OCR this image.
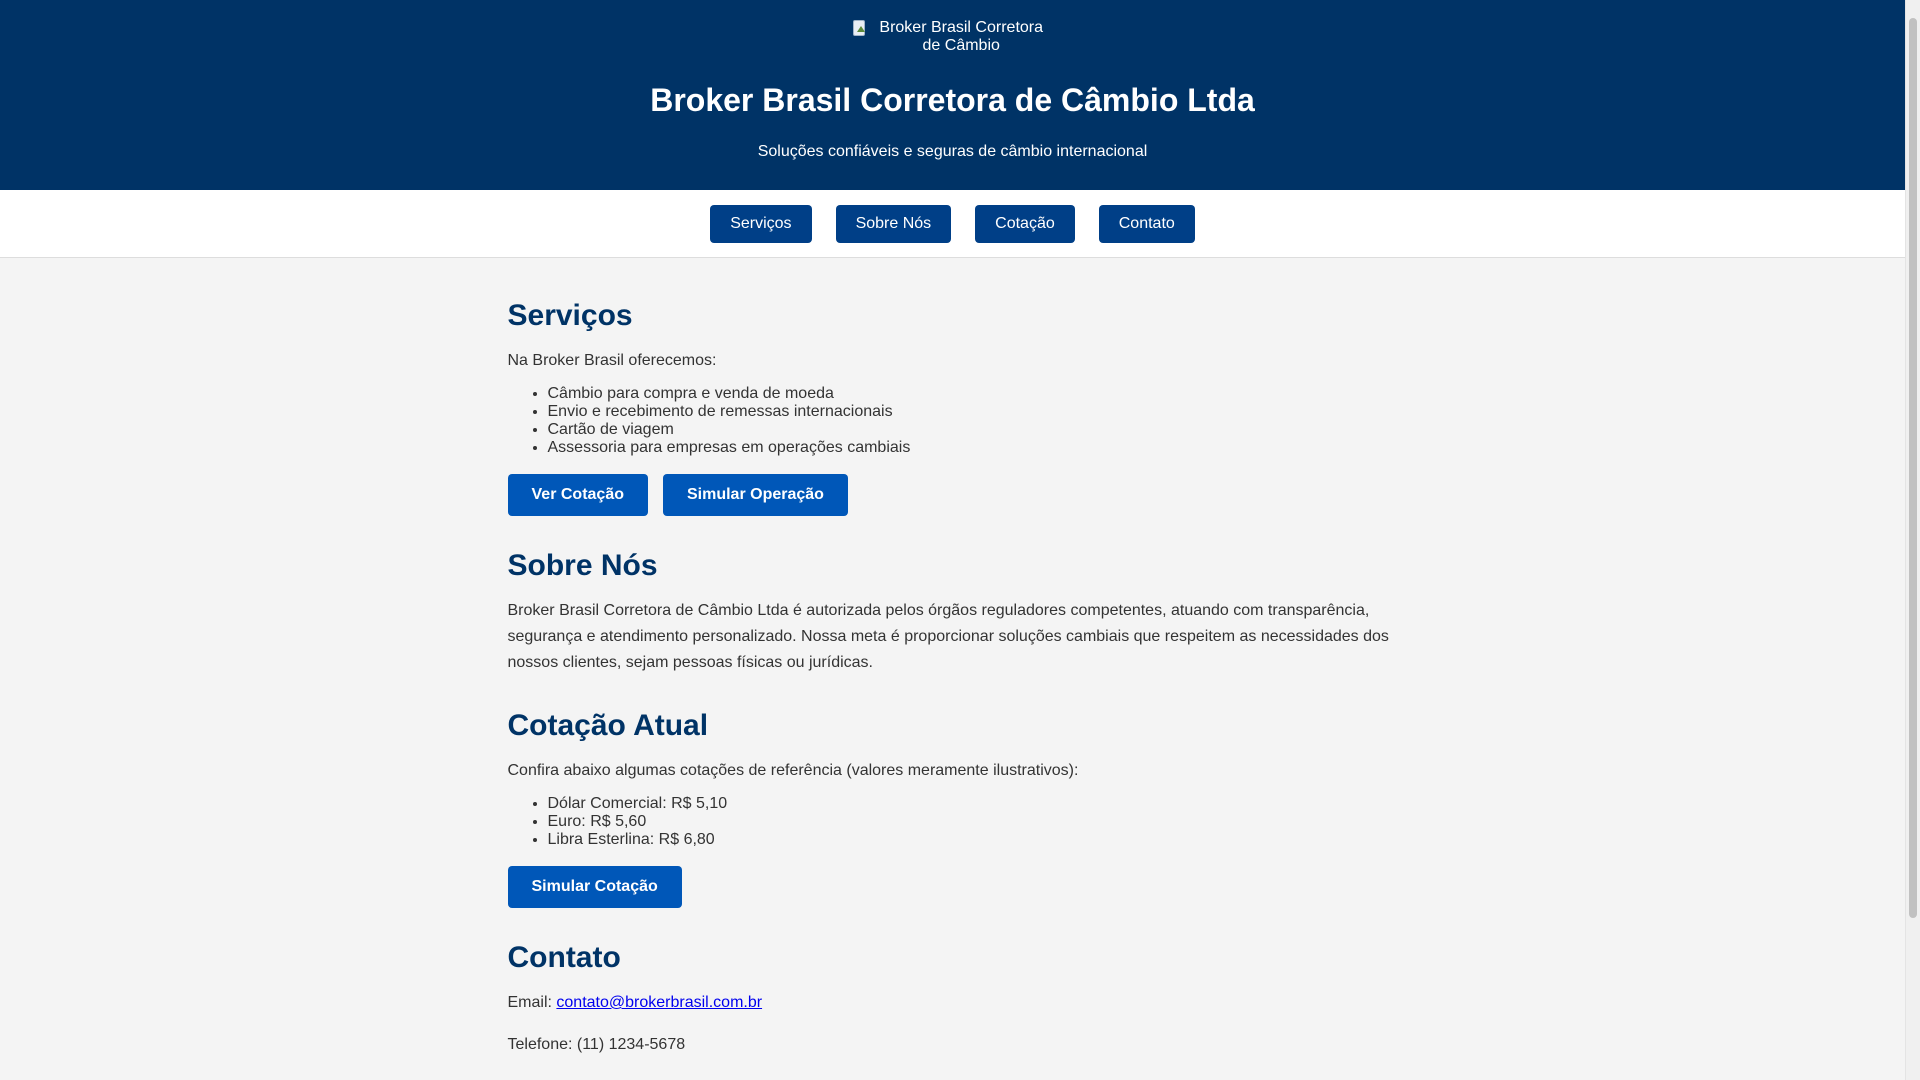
Broker Brasil Corretora de Câmbio
Broker Brasil Corretora de Câmbio Ltda
Soluções confiáveis e seguras de câmbio internacional
Serviços	Sobre Nós	Cotação	Contato
Serviços

Na Broker Brasil oferecemos:

• Câmbio para compra e venda de moeda
• Envio e recebimento de remessas internacionais
• Cartão de viagem
• Assessoria para empresas em operações cambiais
Ver Cotação	Simular Operação
Sobre Nós

Broker Brasil Corretora de Câmbio Ltda é autorizada pelos órgãos reguladores competentes, atuando com transparência, segurança e atendimento personalizado. Nossa meta é proporcionar soluções cambiais que respeitem as necessidades dos nossos clientes, sejam pessoas físicas ou jurídicas.

Cotação Atual

Confira abaixo algumas cotações de referência (valores meramente ilustrativos):

• Dólar Comercial: R$ 5,10
• Euro: R$ 5,60
• Libra Esterlina: R$ 6,80
Simular Cotação
Contato

Email: contato@brokerbrasil.com.br

Telefone: (11) 1234-5678
